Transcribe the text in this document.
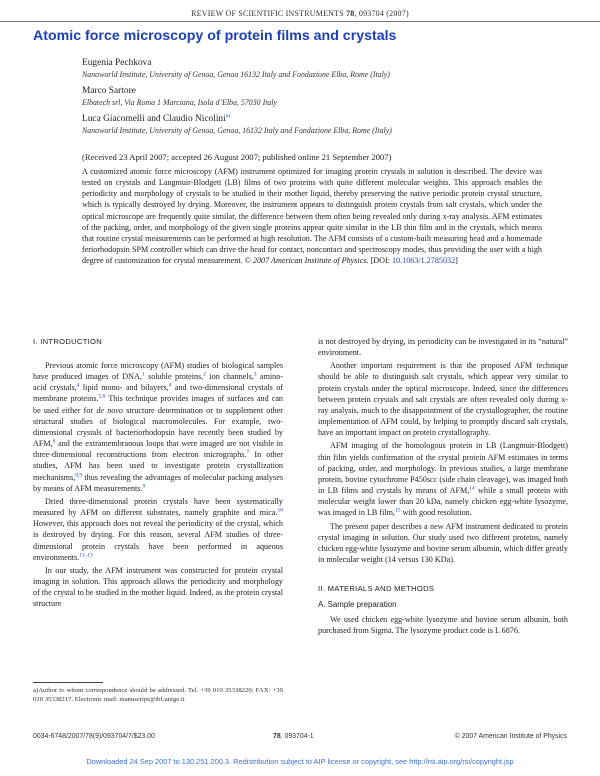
REVIEW OF SCIENTIFIC INSTRUMENTS 78, 093704 (2007)
Atomic force microscopy of protein films and crystals
Eugenia Pechkova
Nanoworld Institute, University of Genoa, Genoa 16132 Italy and Fondazione Elba, Rome (Italy)
Marco Sartore
Elbatech srl, Via Roma 1 Marciana, Isola d’Elba, 57030 Italy
Luca Giacomelli and Claudio Nicolini$^{a)}$
Nanoworld Institute, University of Genoa, Genoa, 16132 Italy and Fondazione Elba, Rome (Italy)
(Received 23 April 2007; accepted 26 August 2007; published online 21 September 2007)
A customized atomic force microscopy (AFM) instrument optimized for imaging protein crystals in solution is described. The device was tested on crystals and Langmuir-Blodgett (LB) films of two proteins with quite different molecular weights. This approach enables the periodicity and morphology of crystals to be studied in their mother liquid, thereby preserving the native periodic protein crystal structure, which is typically destroyed by drying. Moreover, the instrument appears to distinguish protein crystals from salt crystals, which under the optical microscope are frequently quite similar, the difference between them often being revealed only during x-ray analysis. AFM estimates of the packing, order, and morphology of the given single proteins appear quite similar in the LB thin film and in the crystals, which means that routine crystal measurements can be performed at high resolution. The AFM consists of a custom-built measuring head and a homemade feriorhodopsin SPM controller which can drive the head for contact, noncontact and spectroscopy modes, thus providing the user with a high degree of customization for crystal measurement. © 2007 American Institute of Physics. [DOI: 10.1063/1.2785032]
I. INTRODUCTION

Previous atomic force microscopy (AFM) studies of biological samples have produced images of DNA,$^1$ soluble proteins,$^2$ ion channels,$^3$ amino-acid crystals,$^4$ lipid mono- and bilayers,$^4$ and two-dimensional crystals of membrane proteins.$^{5,6}$ This technique provides images of surfaces and can be used either for de novo structure determination or to supplement other structural studies of biological macromolecules. For example, two-dimensional crystals of bacteriorhodopsin have recently been studied by AFM,$^6$ and the extramembranous loops that were imaged are not visible in three-dimensional reconstructions from electron micrographs.$^7$ In other studies, AFM has been used to investigate protein crystallization mechanisms,$^{8,9}$ thus revealing the advantages of molecular packing analyses by means of AFM measurements.$^9$

Dried three-dimensional protein crystals have been systematically measured by AFM on different substrates, namely graphite and mica.$^{10}$ However, this approach does not reveal the periodicity of the crystal, which is destroyed by drying. For this reason, several AFM studies of three-dimensional protein crystals have been performed in aqueous environments.$^{11-13}$

In our study, the AFM instrument was constructed for protein crystal imaging in solution. This approach allows the periodicity and morphology of the crystal to be studied in the mother liquid. Indeed, as the protein crystal structure

is not destroyed by drying, its periodicity can be investigated in its “natural” environment.

Another important requirement is that the proposed AFM technique should be able to distinguish salt crystals, which appear very similar to protein crystals under the optical microscope. Indeed, since the differences between protein crystals and salt crystals are often revealed only during x-ray analysis, much to the disappointment of the crystallographer, the routine implementation of AFM could, by helping to promptly discard salt crystals, have an important impact on protein crystallography.

AFM imaging of the homologous protein in LB (Langmuir-Blodgett) thin film yields confirmation of the crystal protein AFM estimates in terms of packing, order, and morphology. In previous studies, a large membrane protein, bovine cytochrome P450scc (side chain cleavage), was imaged both in LB films and crystals by means of AFM,$^{14}$ while a small protein with molecular weight lower than 20 kDa, namely chicken egg-white lysozyme, was imaged in LB film,$^{15}$ with good resolution.

The present paper describes a new AFM instrument dedicated to protein crystal imaging in solution. Our study used two different proteins, namely chicken egg-white lysozyme and bovine serum albumin, which differ greatly in molecular weight (14 versus 130 KDa).

II. MATERIALS AND METHODS
A. Sample preparation

We used chicken egg-white lysozyme and bovine serum albunin, both purchased from Sigma. The lysozyme product code is L 6876.

a)Author to whom correspondence should be addressed. Tel. +39 010 35338220; FAX: +39 010 35338217. Electronic mail: manuscript@ibf.unige.it
0034-6748/2007/78(9)/093704/7/$23.00	78, 093704-1	© 2007 American Institute of Physics
Downloaded 24 Sep 2007 to 130.251.200.3. Redistribution subject to AIP license or copyright, see http://rsi.aip.org/rsi/copyright.jsp
